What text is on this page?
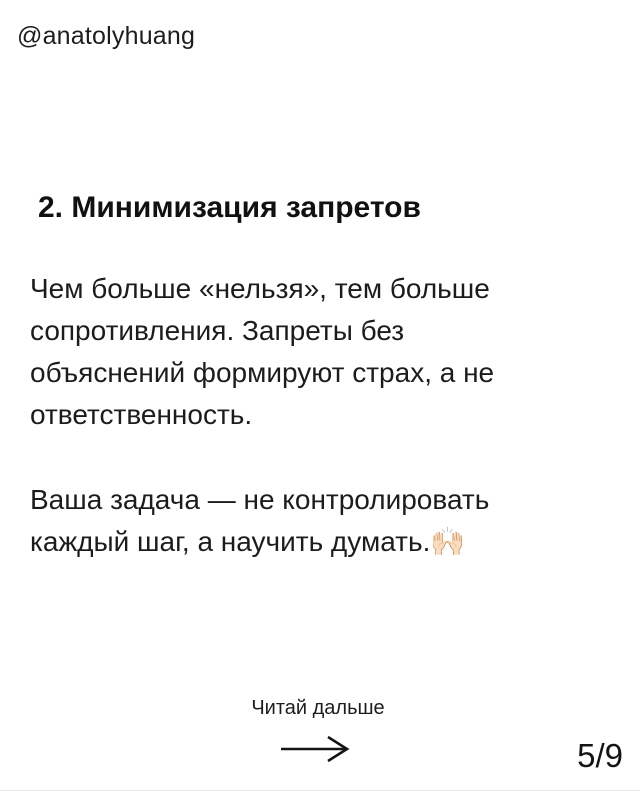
@anatolyhuang
2. Минимизация запретов
Чем больше «нельзя», тем больше
сопротивления. Запреты без
объяснений формируют страх, а не
ответственность.
Ваша задача — не контролировать
каждый шаг, а научить думать.🙌🏻
Читай дальше
5/9
